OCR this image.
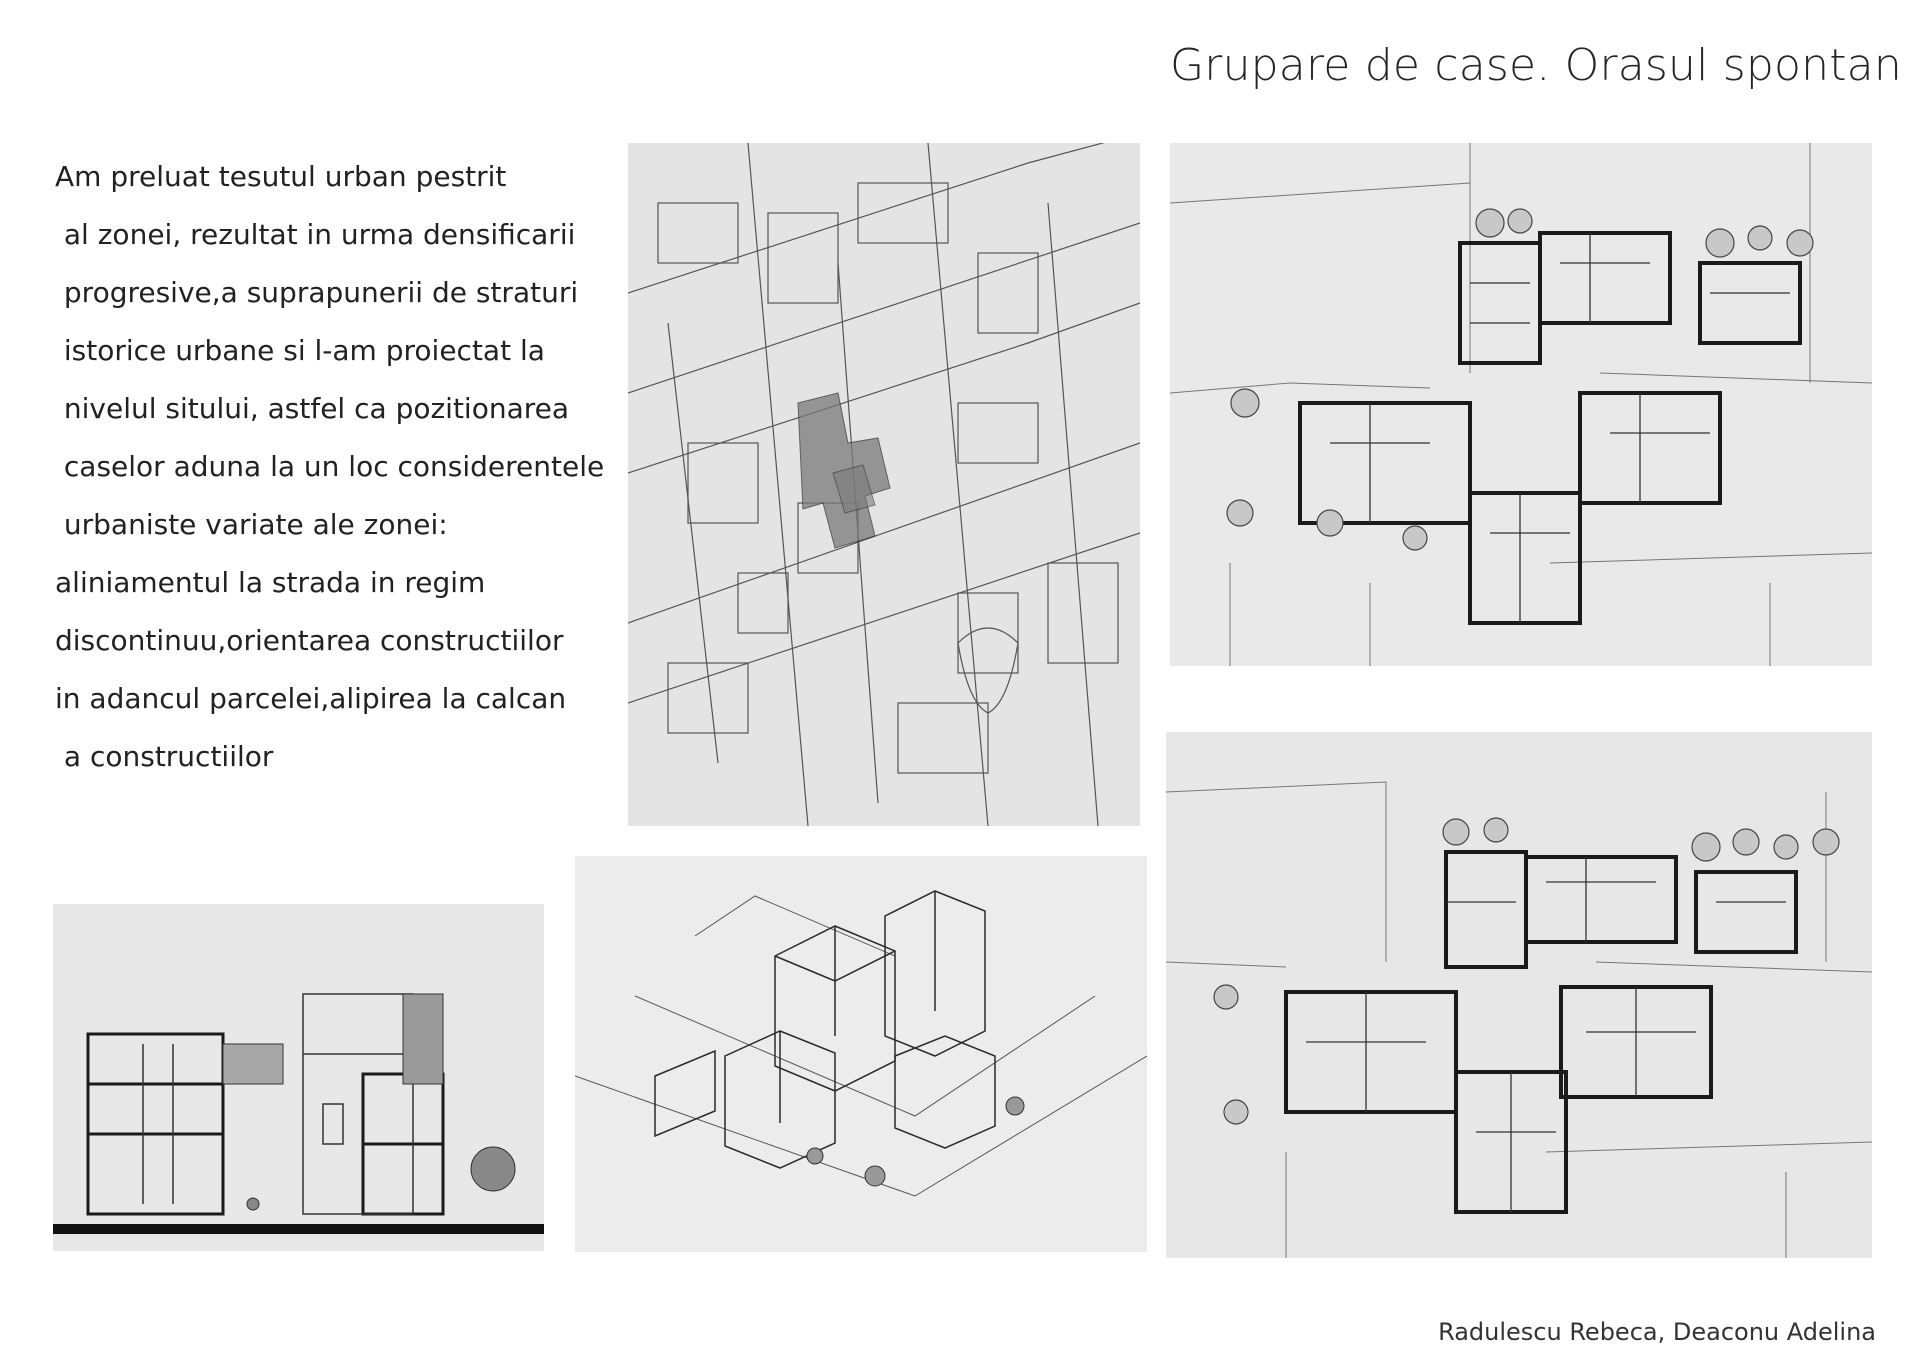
Grupare de case. Orasul spontan
Am preluat tesutul urban pestrit
al zonei, rezultat in urma densificarii
progresive,a suprapunerii de straturi
istorice urbane si l-am proiectat la
nivelul sitului, astfel ca pozitionarea
caselor aduna la un loc considerentele
urbaniste variate ale zonei:
aliniamentul la strada in regim
discontinuu,orientarea constructiilor
in adancul parcelei,alipirea la calcan
a constructiilor
Radulescu Rebeca, Deaconu Adelina
